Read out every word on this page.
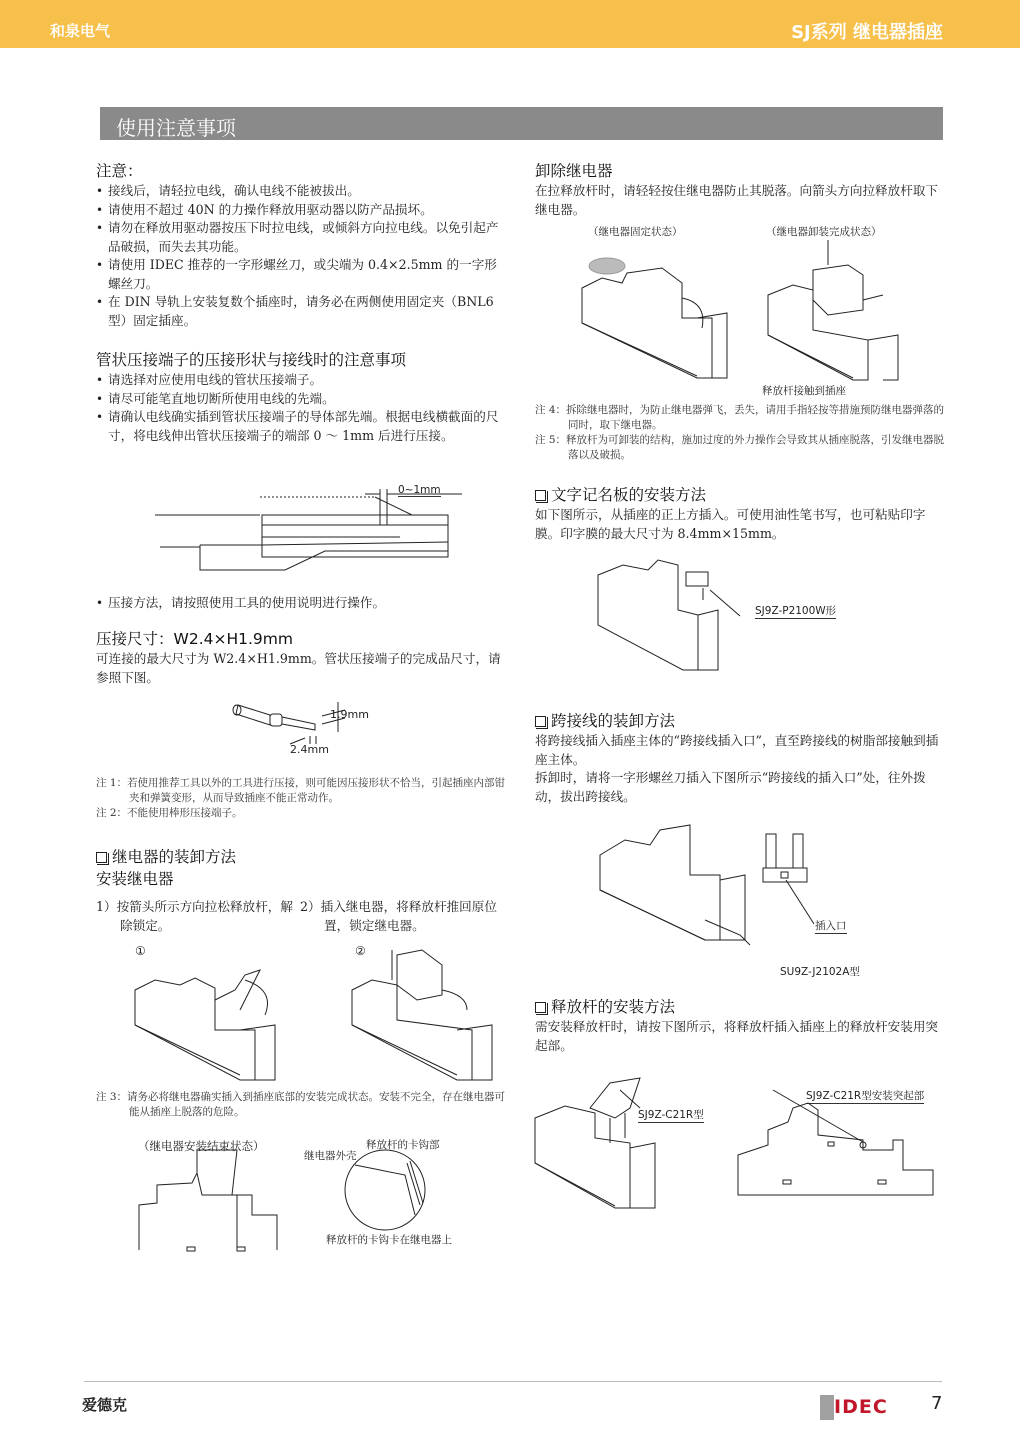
和泉电气	SJ系列 继电器插座
使用注意事项
注意：
• 接线后，请轻拉电线，确认电线不能被拔出。
• 请使用不超过 40N 的力操作释放用驱动器以防产品损坏。
• 请勿在释放用驱动器按压下时拉电线，或倾斜方向拉电线。以免引起产品破损，而失去其功能。
• 请使用 IDEC 推荐的一字形螺丝刀，或尖端为 0.4×2.5mm 的一字形螺丝刀。
• 在 DIN 导轨上安装复数个插座时，请务必在两侧使用固定夹（BNL6 型）固定插座。
管状压接端子的压接形状与接线时的注意事项
• 请选择对应使用电线的管状压接端子。
• 请尽可能笔直地切断所使用电线的先端。
• 请确认电线确实插到管状压接端子的导体部先端。根据电线横截面的尺寸，将电线伸出管状压接端子的端部 0 ～ 1mm 后进行压接。
0~1mm
• 压接方法，请按照使用工具的使用说明进行操作。
压接尺寸：W2.4×H1.9mm
可连接的最大尺寸为 W2.4×H1.9mm。管状压接端子的完成品尺寸，请参照下图。
1.9mm
2.4mm
注 1：若使用推荐工具以外的工具进行压接，则可能因压接形状不恰当，引起插座内部钳夹和弹簧变形，从而导致插座不能正常动作。
注 2：不能使用棒形压接端子。
继电器的装卸方法
安装继电器
1）按箭头所示方向拉松释放杆，解除锁定。
2）插入继电器，将释放杆推回原位置，锁定继电器。
①	②
注 3：请务必将继电器确实插入到插座底部的安装完成状态。安装不完全，存在继电器可能从插座上脱落的危险。
（继电器安装结束状态）	释放杆的卡钩部
继电器外壳
释放杆的卡钩卡在继电器上
卸除继电器
在拉释放杆时，请轻轻按住继电器防止其脱落。向箭头方向拉释放杆取下继电器。
（继电器固定状态）	（继电器卸装完成状态）
释放杆接触到插座
注 4：拆除继电器时，为防止继电器弹飞，丢失，请用手指轻按等措施预防继电器弹落的同时，取下继电器。
注 5：释放杆为可卸装的结构，施加过度的外力操作会导致其从插座脱落，引发继电器脱落以及破损。
文字记名板的安装方法
如下图所示，从插座的正上方插入。可使用油性笔书写，也可粘贴印字膜。印字膜的最大尺寸为 8.4mm×15mm。
SJ9Z-P2100W形
跨接线的装卸方法
将跨接线插入插座主体的“跨接线插入口”，直至跨接线的树脂部接触到插座主体。
拆卸时，请将一字形螺丝刀插入下图所示“跨接线的插入口”处，往外拨动，拔出跨接线。
插入口
SU9Z-J2102A型
释放杆的安装方法
需安装释放杆时，请按下图所示，将释放杆插入插座上的释放杆安装用突起部。
SJ9Z-C21R型
SJ9Z-C21R型安装突起部
爱德克	IDEC 7
